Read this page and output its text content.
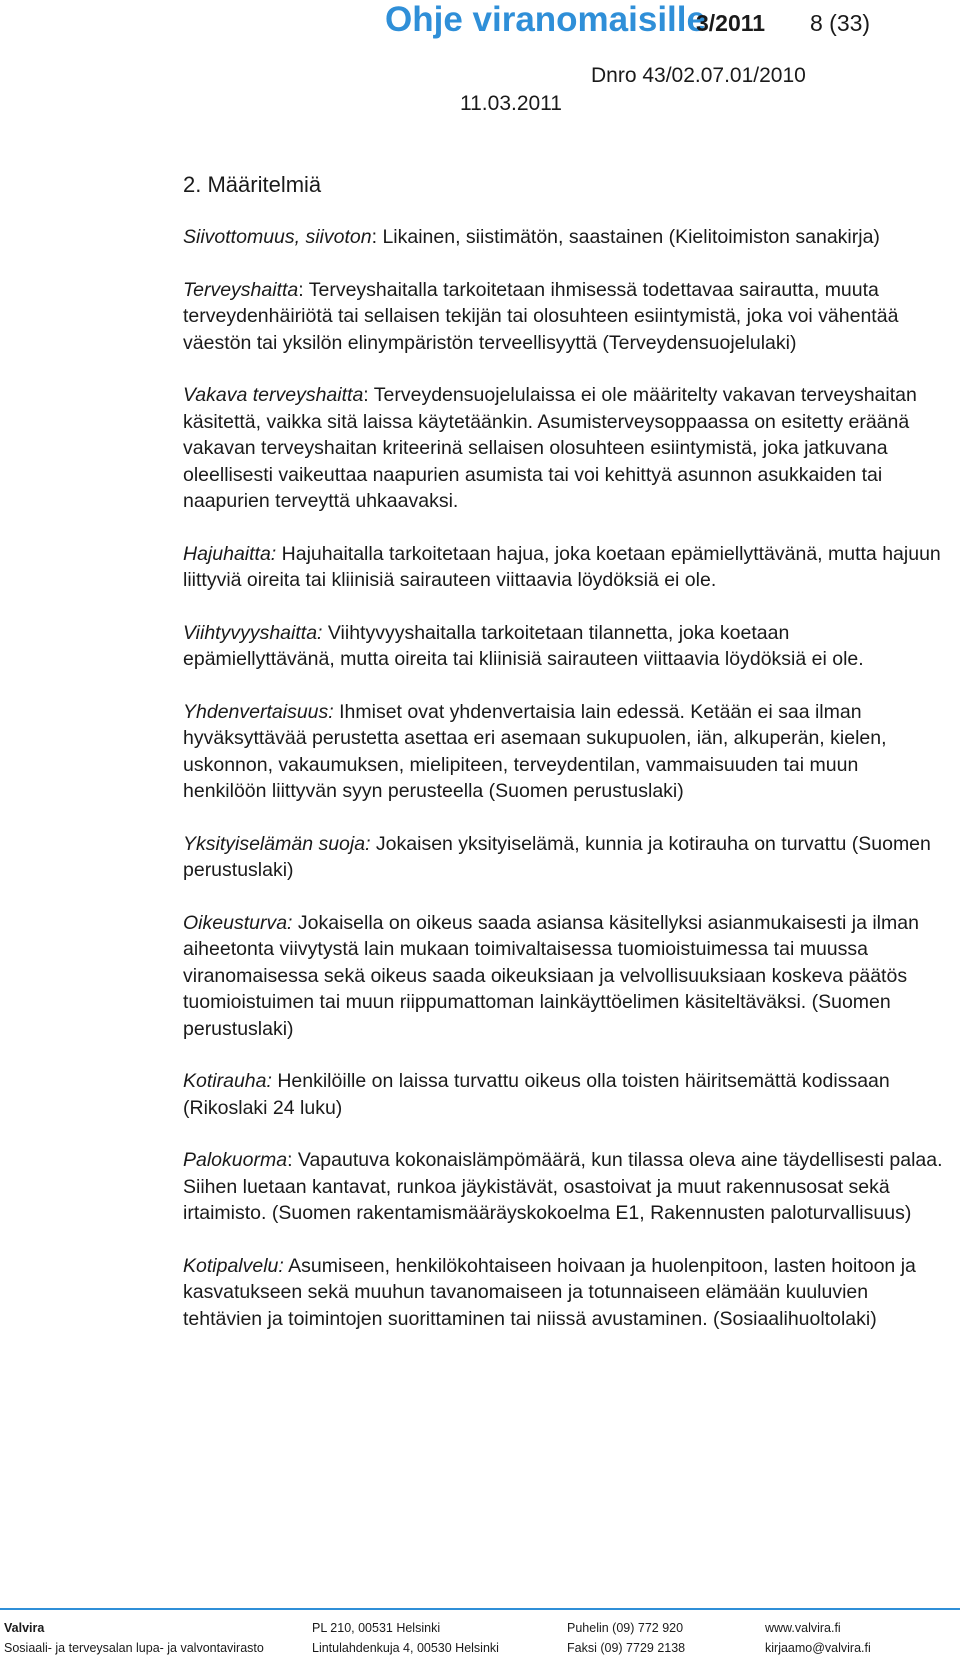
Ohje viranomaisille
3/2011 8 (33)
Dnro 43/02.07.01/2010
11.03.2011
2. Määritelmiä

Siivottomuus, siivoton: Likainen, siistimätön, saastainen (Kielitoimiston sanakirja)

Terveyshaitta: Terveyshaitalla tarkoitetaan ihmisessä todettavaa sairautta, muuta terveydenhäiriötä tai sellaisen tekijän tai olosuhteen esiintymistä, joka voi vähentää väestön tai yksilön elinympäristön terveellisyyttä (Terveydensuojelulaki)

Vakava terveyshaitta: Terveydensuojelulaissa ei ole määritelty vakavan terveyshaitan käsitettä, vaikka sitä laissa käytetäänkin. Asumisterveysoppaassa on esitetty eräänä vakavan terveyshaitan kriteerinä sellaisen olosuhteen esiintymistä, joka jatkuvana oleellisesti vaikeuttaa naapurien asumista tai voi kehittyä asunnon asukkaiden tai naapurien terveyttä uhkaavaksi.

Hajuhaitta: Hajuhaitalla tarkoitetaan hajua, joka koetaan epämiellyttävänä, mutta hajuun liittyviä oireita tai kliinisiä sairauteen viittaavia löydöksiä ei ole.

Viihtyvyyshaitta: Viihtyvyyshaitalla tarkoitetaan tilannetta, joka koetaan epämiellyttävänä, mutta oireita tai kliinisiä sairauteen viittaavia löydöksiä ei ole.

Yhdenvertaisuus: Ihmiset ovat yhdenvertaisia lain edessä. Ketään ei saa ilman hyväksyttävää perustetta asettaa eri asemaan sukupuolen, iän, alkuperän, kielen, uskonnon, vakaumuksen, mielipiteen, terveydentilan, vammaisuuden tai muun henkilöön liittyvän syyn perusteella (Suomen perustuslaki)

Yksityiselämän suoja: Jokaisen yksityiselämä, kunnia ja kotirauha on turvattu (Suomen perustuslaki)

Oikeusturva: Jokaisella on oikeus saada asiansa käsitellyksi asianmukaisesti ja ilman aiheetonta viivytystä lain mukaan toimivaltaisessa tuomioistuimessa tai muussa viranomaisessa sekä oikeus saada oikeuksiaan ja velvollisuuksiaan koskeva päätös tuomioistuimen tai muun riippumattoman lainkäyttöelimen käsiteltäväksi. (Suomen perustuslaki)

Kotirauha: Henkilöille on laissa turvattu oikeus olla toisten häiritsemättä kodissaan (Rikoslaki 24 luku)

Palokuorma: Vapautuva kokonaislämpömäärä, kun tilassa oleva aine täydellisesti palaa. Siihen luetaan kantavat, runkoa jäykistävät, osastoivat ja muut rakennusosat sekä irtaimisto. (Suomen rakentamismääräyskokoelma E1, Rakennusten paloturvallisuus)

Kotipalvelu: Asumiseen, henkilökohtaiseen hoivaan ja huolenpitoon, lasten hoitoon ja kasvatukseen sekä muuhun tavanomaiseen ja totunnaiseen elämään kuuluvien tehtävien ja toimintojen suorittaminen tai niissä avustaminen. (Sosiaalihuoltolaki)

Valvira
Sosiaali- ja terveysalan lupa- ja valvontavirasto
PL 210, 00531 Helsinki
Lintulahdenkuja 4, 00530 Helsinki
Puhelin (09) 772 920
Faksi (09) 7729 2138
www.valvira.fi
kirjaamo@valvira.fi
